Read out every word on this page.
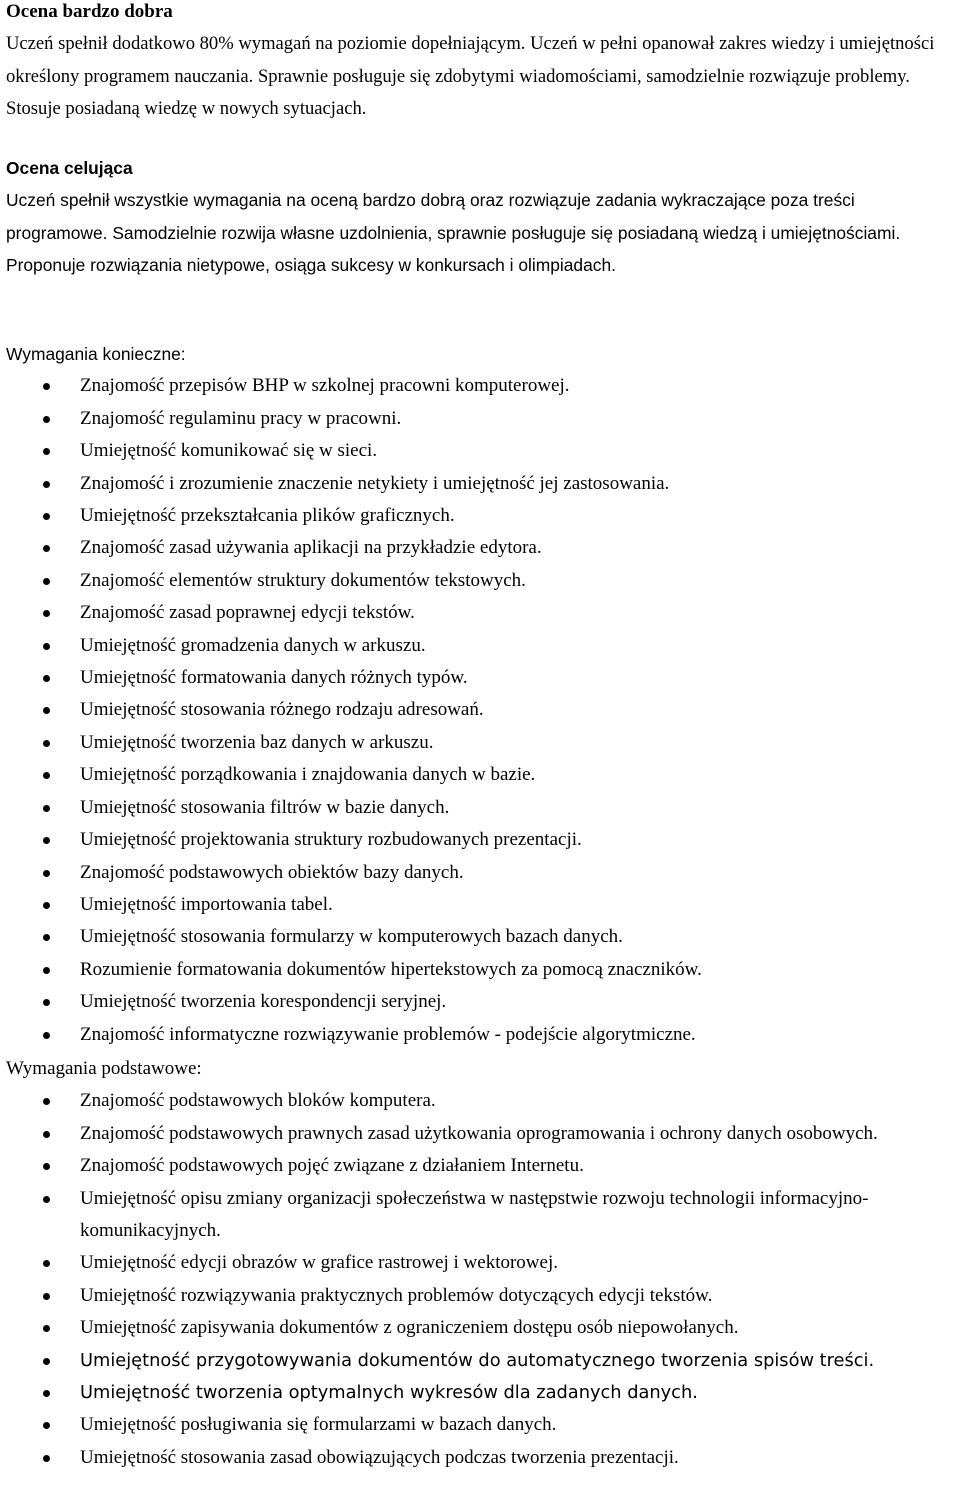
Ocena bardzo dobra

Uczeń spełnił dodatkowo 80% wymagań na poziomie dopełniającym. Uczeń w pełni opanował zakres wiedzy i umiejętności określony programem nauczania. Sprawnie posługuje się zdobytymi wiadomościami, samodzielnie rozwiązuje problemy. Stosuje posiadaną wiedzę w nowych sytuacjach.

Ocena celująca

Uczeń spełnił wszystkie wymagania na oceną bardzo dobrą oraz rozwiązuje zadania wykraczające poza treści programowe. Samodzielnie rozwija własne uzdolnienia, sprawnie posługuje się posiadaną wiedzą i umiejętnościami. Proponuje rozwiązania nietypowe, osiąga sukcesy w konkursach i olimpiadach.

Wymagania konieczne:

Znajomość przepisów BHP w szkolnej pracowni komputerowej.
Znajomość regulaminu pracy w pracowni.
Umiejętność komunikować się w sieci.
Znajomość i zrozumienie znaczenie netykiety i umiejętność jej zastosowania.
Umiejętność przekształcania plików graficznych.
Znajomość zasad używania aplikacji na przykładzie edytora.
Znajomość elementów struktury dokumentów tekstowych.
Znajomość zasad poprawnej edycji tekstów.
Umiejętność gromadzenia danych w arkuszu.
Umiejętność formatowania danych różnych typów.
Umiejętność stosowania różnego rodzaju adresowań.
Umiejętność tworzenia baz danych w arkuszu.
Umiejętność porządkowania i znajdowania danych w bazie.
Umiejętność stosowania filtrów w bazie danych.
Umiejętność projektowania struktury rozbudowanych prezentacji.
Znajomość podstawowych obiektów bazy danych.
Umiejętność importowania tabel.
Umiejętność stosowania formularzy w komputerowych bazach danych.
Rozumienie formatowania dokumentów hipertekstowych za pomocą znaczników.
Umiejętność tworzenia korespondencji seryjnej.
Znajomość informatyczne rozwiązywanie problemów - podejście algorytmiczne.

Wymagania podstawowe:

Znajomość podstawowych bloków komputera.
Znajomość podstawowych prawnych zasad użytkowania oprogramowania i ochrony danych osobowych.
Znajomość podstawowych pojęć związane z działaniem Internetu.
Umiejętność opisu zmiany organizacji społeczeństwa w następstwie rozwoju technologii informacyjno-komunikacyjnych.
Umiejętność edycji obrazów w grafice rastrowej i wektorowej.
Umiejętność rozwiązywania praktycznych problemów dotyczących edycji tekstów.
Umiejętność zapisywania dokumentów z ograniczeniem dostępu osób niepowołanych.
Umiejętność przygotowywania dokumentów do automatycznego tworzenia spisów treści.
Umiejętność tworzenia optymalnych wykresów dla zadanych danych.
Umiejętność posługiwania się formularzami w bazach danych.
Umiejętność stosowania zasad obowiązujących podczas tworzenia prezentacji.
